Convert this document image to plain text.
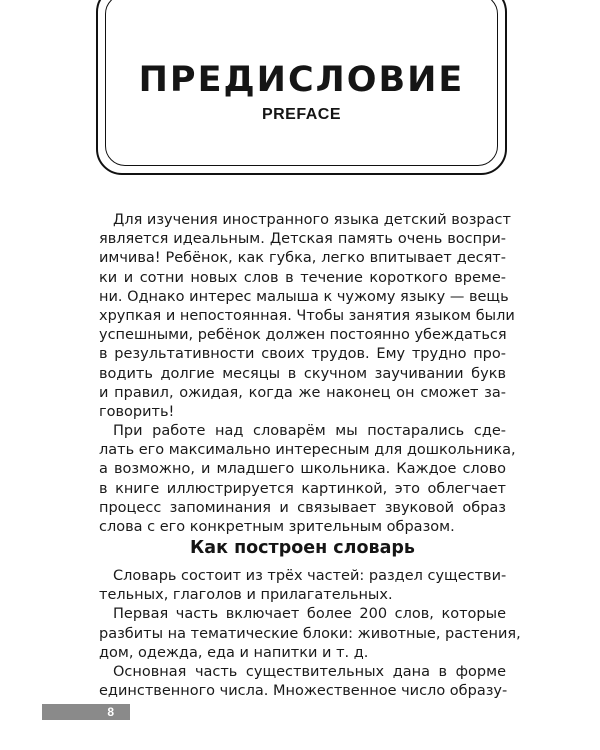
ПРЕДИСЛОВИЕ
PREFACE
Для изучения иностранного языка детский возраст
является идеальным. Детская память очень воспри-
имчива! Ребёнок, как губка, легко впитывает десят-
ки и сотни новых слов в течение короткого време-
ни. Однако интерес малыша к чужому языку — вещь
хрупкая и непостоянная. Чтобы занятия языком были
успешными, ребёнок должен постоянно убеждаться
в результативности своих трудов. Ему трудно про-
водить долгие месяцы в скучном заучивании букв
и правил, ожидая, когда же наконец он сможет за-
говорить!
При работе над словарём мы постарались сде-
лать его максимально интересным для дошкольника,
а возможно, и младшего школьника. Каждое слово
в книге иллюстрируется картинкой, это облегчает
процесс запоминания и связывает звуковой образ
слова с его конкретным зрительным образом.
Как построен словарь
Словарь состоит из трёх частей: раздел существи-
тельных, глаголов и прилагательных.
Первая часть включает более 200 слов, которые
разбиты на тематические блоки: животные, растения,
дом, одежда, еда и напитки и т. д.
Основная часть существительных дана в форме
единственного числа. Множественное число образу-
8
